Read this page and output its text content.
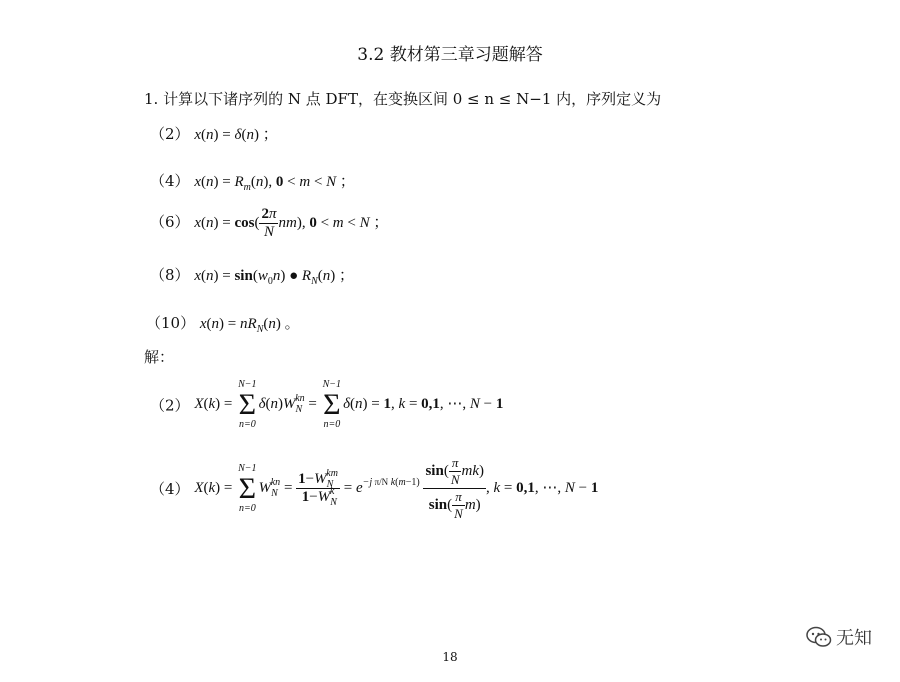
3.2 教材第三章习题解答
1. 计算以下诸序列的 N 点 DFT，在变换区间 0 ≤ n ≤ N−1 内，序列定义为
（2） x(n) = δ(n) ；
（4） $x(n) = R_m(n)$, 0 < m < N ；
（6） $x(n) = \cos( \frac{2\pi}{N} nm)$, 0 < m < N ；
（8） $x(n) = \sin(w_0n)$ ● $R_N(n)$ ；
（10） $x(n) = nR_N(n)$ 。
解：
（2） X(k) =
N−1
Σ
n=0
$\delta(n)W_N^{kn}$ =
N−1
Σ
n=0
δ(n) = 1, k = 0,1, ⋯, N − 1
（4） X(k) =
N−1
Σ
n=0
$W_N^{kn} = \frac{1-W_N^{km}}{1-W_N^k} = e^{-j \pi/N k(m-1)} \frac{\sin( \frac{\pi}{N} mk)}{\sin( \frac{\pi}{N} m)}$ , k = 0,1, ⋯, N − 1
18
无知
